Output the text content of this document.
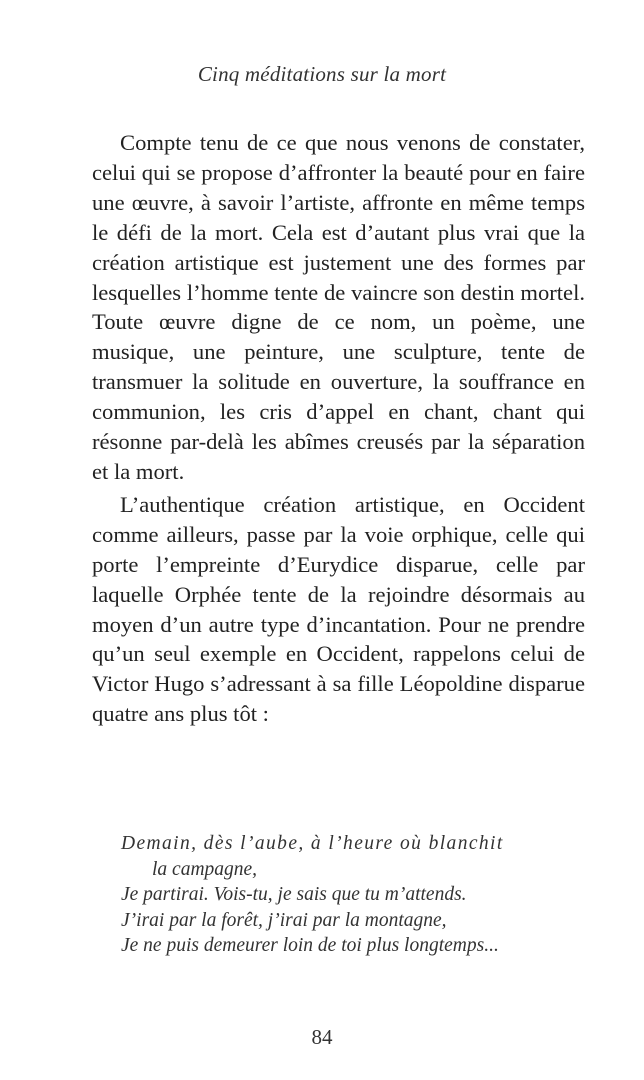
Cinq méditations sur la mort

Compte tenu de ce que nous venons de constater, celui qui se propose d’affronter la beauté pour en faire une œuvre, à savoir l’artiste, affronte en même temps le défi de la mort. Cela est d’autant plus vrai que la création artistique est justement une des formes par lesquelles l’homme tente de vaincre son destin mortel. Toute œuvre digne de ce nom, un poème, une musique, une peinture, une sculpture, tente de transmuer la solitude en ouverture, la souffrance en communion, les cris d’appel en chant, chant qui résonne par-delà les abîmes creusés par la séparation et la mort.

L’authentique création artistique, en Occident comme ailleurs, passe par la voie orphique, celle qui porte l’empreinte d’Eurydice disparue, celle par laquelle Orphée tente de la rejoindre désormais au moyen d’un autre type d’incantation. Pour ne prendre qu’un seul exemple en Occident, rappelons celui de Victor Hugo s’adressant à sa fille Léopoldine disparue quatre ans plus tôt :

Demain, dès l’aube, à l’heure où blanchit
la campagne,
Je partirai. Vois-tu, je sais que tu m’attends.
J’irai par la forêt, j’irai par la montagne,
Je ne puis demeurer loin de toi plus longtemps...
84
